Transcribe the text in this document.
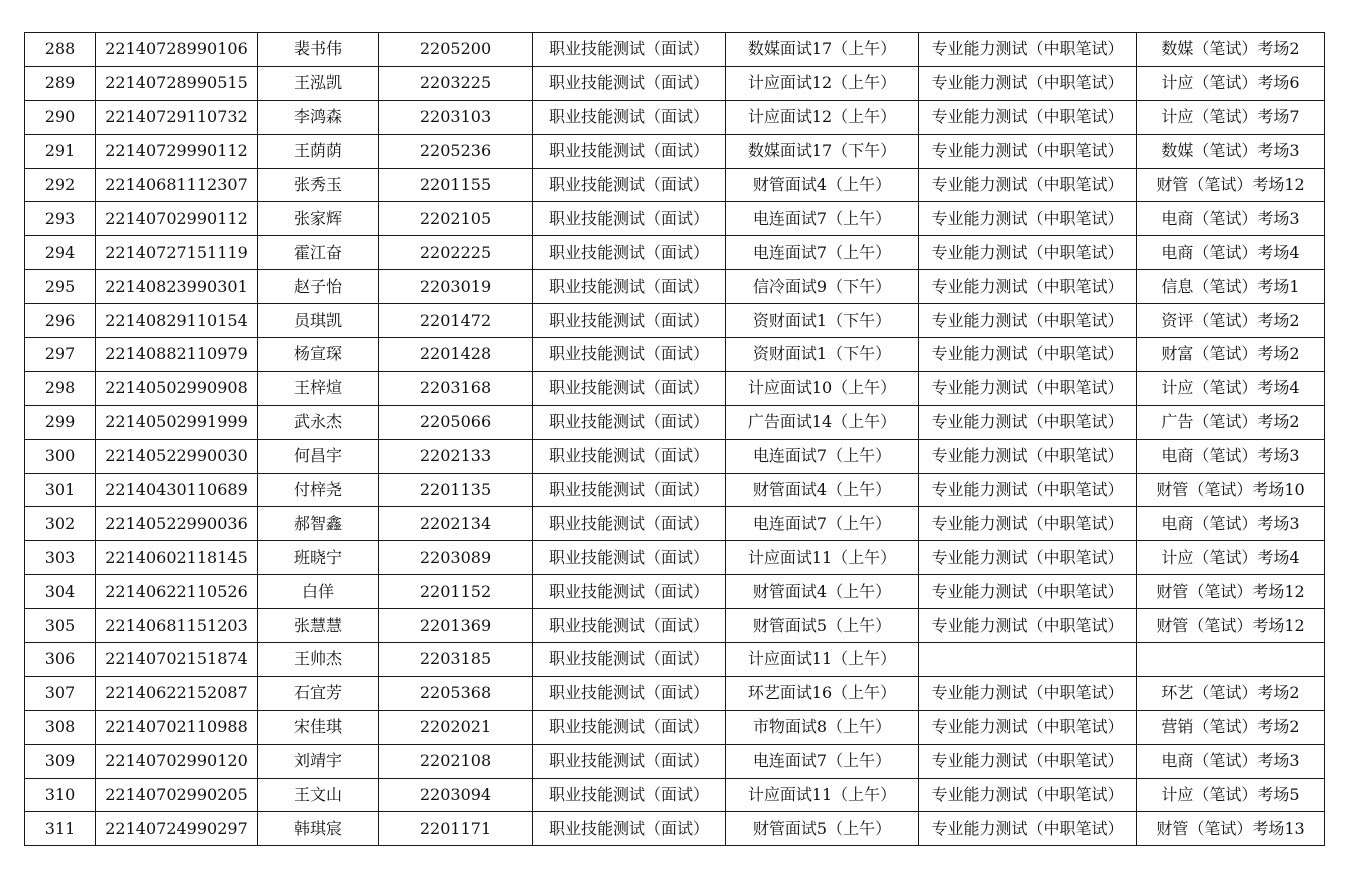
288	22140728990106	裴书伟	2205200	职业技能测试（面试）	数媒面试17（上午）	专业能力测试（中职笔试）	数媒（笔试）考场2
289	22140728990515	王泓凯	2203225	职业技能测试（面试）	计应面试12（上午）	专业能力测试（中职笔试）	计应（笔试）考场6
290	22140729110732	李鸿森	2203103	职业技能测试（面试）	计应面试12（上午）	专业能力测试（中职笔试）	计应（笔试）考场7
291	22140729990112	王荫荫	2205236	职业技能测试（面试）	数媒面试17（下午）	专业能力测试（中职笔试）	数媒（笔试）考场3
292	22140681112307	张秀玉	2201155	职业技能测试（面试）	财管面试4（上午）	专业能力测试（中职笔试）	财管（笔试）考场12
293	22140702990112	张家辉	2202105	职业技能测试（面试）	电连面试7（上午）	专业能力测试（中职笔试）	电商（笔试）考场3
294	22140727151119	霍江奋	2202225	职业技能测试（面试）	电连面试7（上午）	专业能力测试（中职笔试）	电商（笔试）考场4
295	22140823990301	赵子怡	2203019	职业技能测试（面试）	信冷面试9（下午）	专业能力测试（中职笔试）	信息（笔试）考场1
296	22140829110154	员琪凯	2201472	职业技能测试（面试）	资财面试1（下午）	专业能力测试（中职笔试）	资评（笔试）考场2
297	22140882110979	杨宣琛	2201428	职业技能测试（面试）	资财面试1（下午）	专业能力测试（中职笔试）	财富（笔试）考场2
298	22140502990908	王梓煊	2203168	职业技能测试（面试）	计应面试10（上午）	专业能力测试（中职笔试）	计应（笔试）考场4
299	22140502991999	武永杰	2205066	职业技能测试（面试）	广告面试14（上午）	专业能力测试（中职笔试）	广告（笔试）考场2
300	22140522990030	何昌宇	2202133	职业技能测试（面试）	电连面试7（上午）	专业能力测试（中职笔试）	电商（笔试）考场3
301	22140430110689	付梓尧	2201135	职业技能测试（面试）	财管面试4（上午）	专业能力测试（中职笔试）	财管（笔试）考场10
302	22140522990036	郝智鑫	2202134	职业技能测试（面试）	电连面试7（上午）	专业能力测试（中职笔试）	电商（笔试）考场3
303	22140602118145	班晓宁	2203089	职业技能测试（面试）	计应面试11（上午）	专业能力测试（中职笔试）	计应（笔试）考场4
304	22140622110526	白佯	2201152	职业技能测试（面试）	财管面试4（上午）	专业能力测试（中职笔试）	财管（笔试）考场12
305	22140681151203	张慧慧	2201369	职业技能测试（面试）	财管面试5（上午）	专业能力测试（中职笔试）	财管（笔试）考场12
306	22140702151874	王帅杰	2203185	职业技能测试（面试）	计应面试11（上午）		
307	22140622152087	石宜芳	2205368	职业技能测试（面试）	环艺面试16（上午）	专业能力测试（中职笔试）	环艺（笔试）考场2
308	22140702110988	宋佳琪	2202021	职业技能测试（面试）	市物面试8（上午）	专业能力测试（中职笔试）	营销（笔试）考场2
309	22140702990120	刘靖宇	2202108	职业技能测试（面试）	电连面试7（上午）	专业能力测试（中职笔试）	电商（笔试）考场3
310	22140702990205	王文山	2203094	职业技能测试（面试）	计应面试11（上午）	专业能力测试（中职笔试）	计应（笔试）考场5
311	22140724990297	韩琪宸	2201171	职业技能测试（面试）	财管面试5（上午）	专业能力测试（中职笔试）	财管（笔试）考场13
